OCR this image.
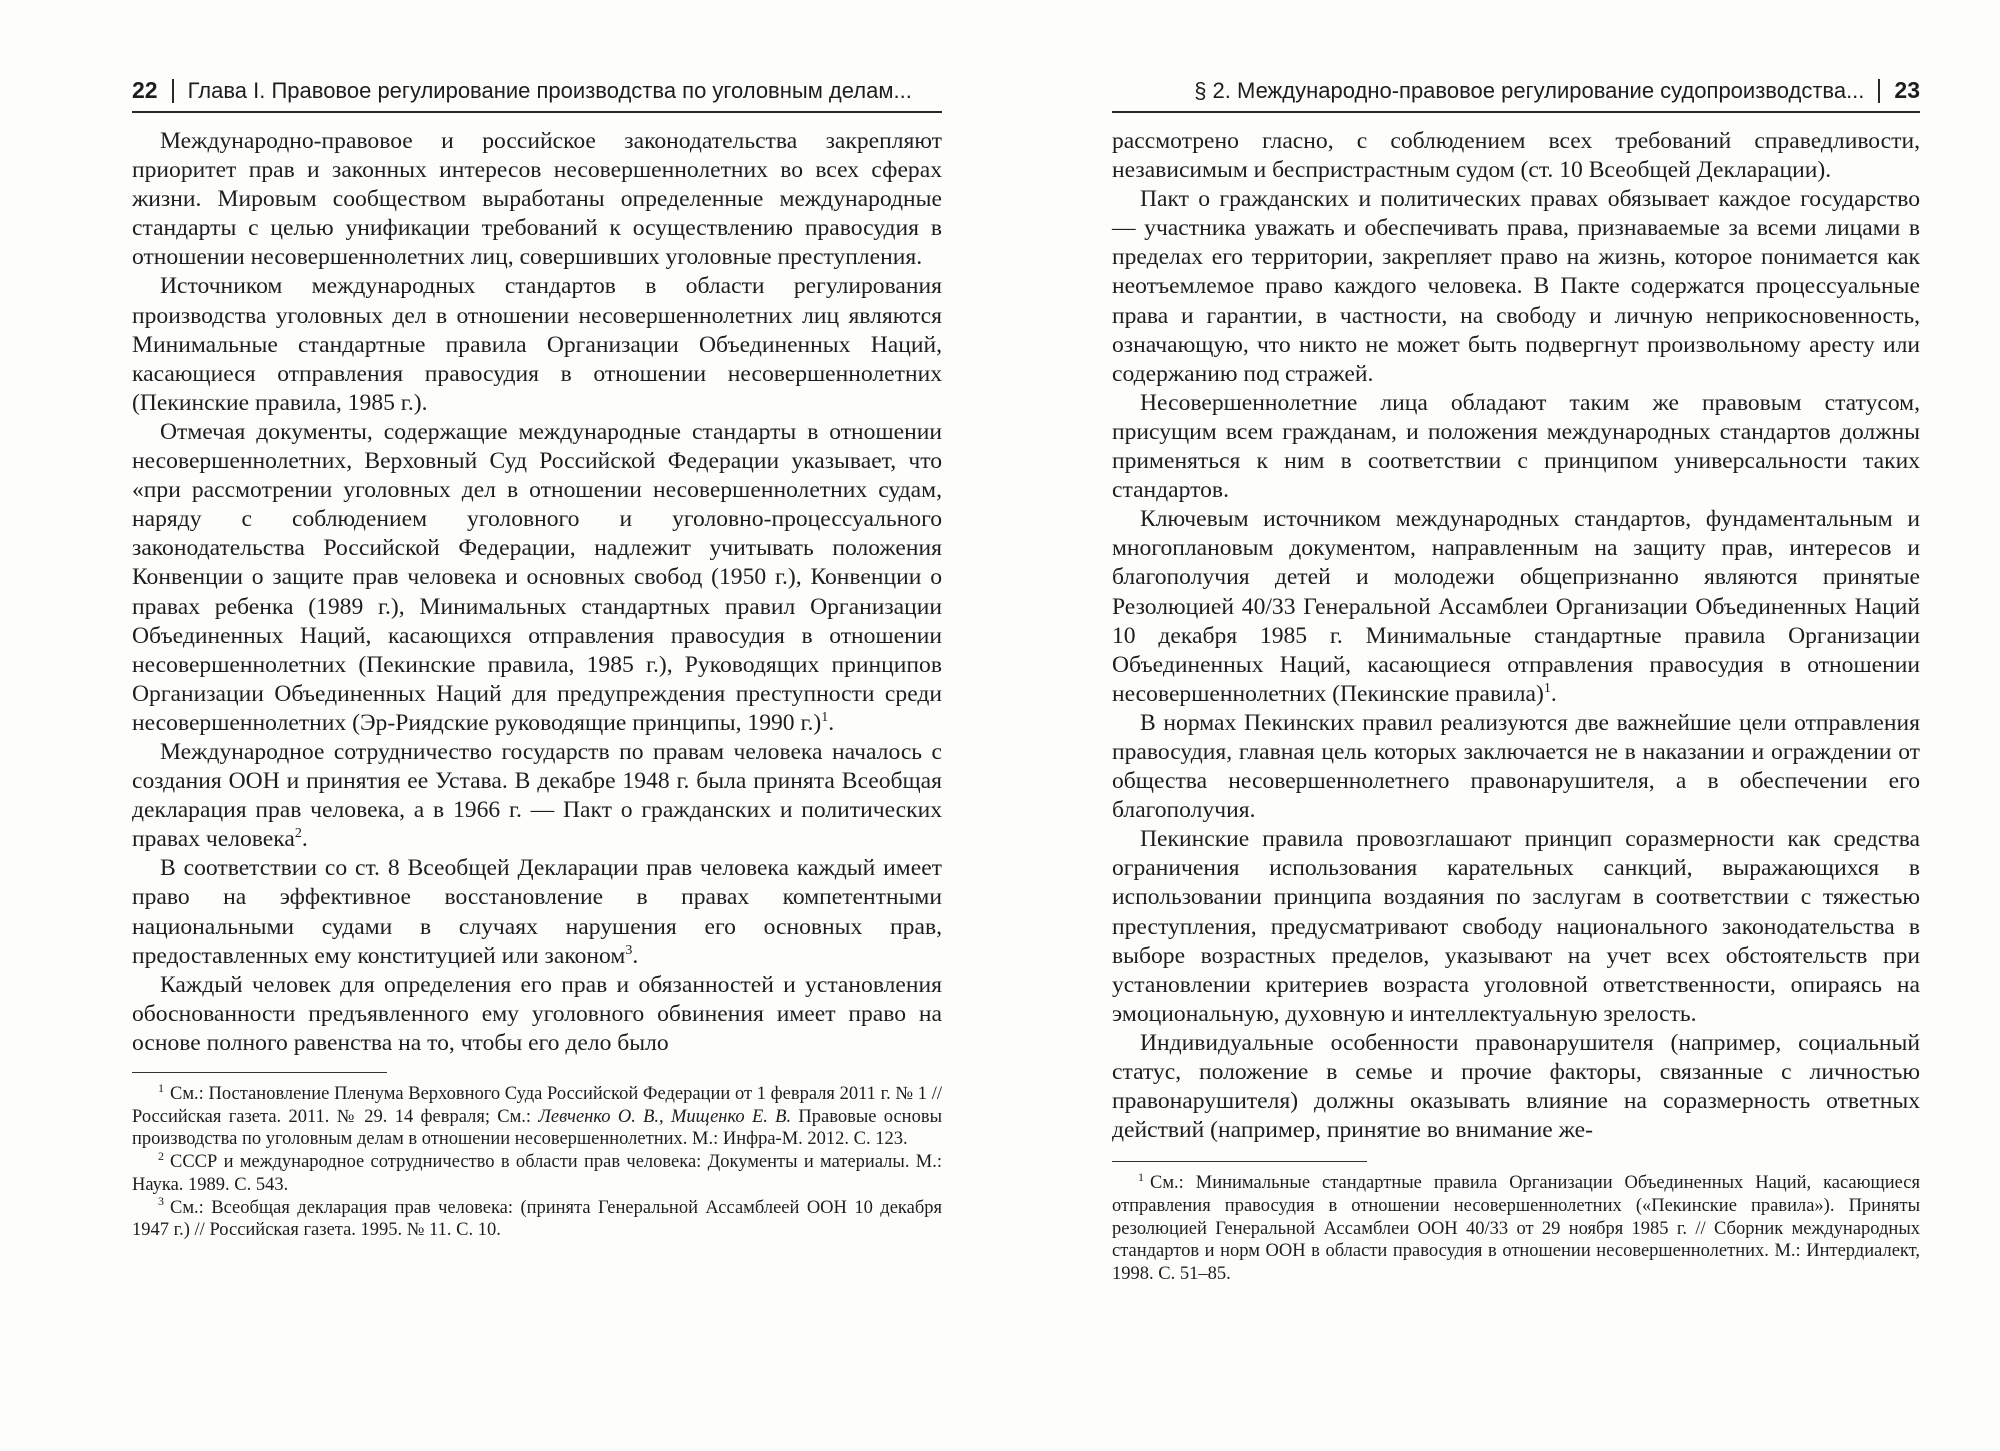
22 Глава I. Правовое регулирование производства по уголовным делам...

Международно-правовое и российское законодательства закрепляют приоритет прав и законных интересов несовершеннолетних во всех сферах жизни. Мировым сообществом выработаны определенные международные стандарты с целью унификации требований к осуществлению правосудия в отношении несовершеннолетних лиц, совершивших уголовные преступления.

Источником международных стандартов в области регулирования производства уголовных дел в отношении несовершеннолетних лиц являются Минимальные стандартные правила Организации Объединенных Наций, касающиеся отправления правосудия в отношении несовершеннолетних (Пекинские правила, 1985 г.).

Отмечая документы, содержащие международные стандарты в отношении несовершеннолетних, Верховный Суд Российской Федерации указывает, что «при рассмотрении уголовных дел в отношении несовершеннолетних судам, наряду с соблюдением уголовного и уголовно-процессуального законодательства Российской Федерации, надлежит учитывать положения Конвенции о защите прав человека и основных свобод (1950 г.), Конвенции о правах ребенка (1989 г.), Минимальных стандартных правил Организации Объединенных Наций, касающихся отправления правосудия в отношении несовершеннолетних (Пекинские правила, 1985 г.), Руководящих принципов Организации Объединенных Наций для предупреждения преступности среди несовершеннолетних (Эр-Риядские руководящие принципы, 1990 г.)$^1$.

Международное сотрудничество государств по правам человека началось с создания ООН и принятия ее Устава. В декабре 1948 г. была принята Всеобщая декларация прав человека, а в 1966 г. — Пакт о гражданских и политических правах человека$^2$.

В соответствии со ст. 8 Всеобщей Декларации прав человека каждый имеет право на эффективное восстановление в правах компетентными национальными судами в случаях нарушения его основных прав, предоставленных ему конституцией или законом$^3$.

Каждый человек для определения его прав и обязанностей и установления обоснованности предъявленного ему уголовного обвинения имеет право на основе полного равенства на то, чтобы его дело было

$^1$ См.: Постановление Пленума Верховного Суда Российской Федерации от 1 февраля 2011 г. № 1 // Российская газета. 2011. № 29. 14 февраля; См.: Левченко О. В., Мищенко Е. В. Правовые основы производства по уголовным делам в отношении несовершеннолетних. М.: Инфра-М. 2012. С. 123.

$^2$ СССР и международное сотрудничество в области прав человека: Документы и материалы. М.: Наука. 1989. С. 543.

$^3$ См.: Всеобщая декларация прав человека: (принята Генеральной Ассамблеей ООН 10 декабря 1947 г.) // Российская газета. 1995. № 11. С. 10.

§ 2. Международно-правовое регулирование судопроизводства... 23

рассмотрено гласно, с соблюдением всех требований справедливости, независимым и беспристрастным судом (ст. 10 Всеобщей Декларации).

Пакт о гражданских и политических правах обязывает каждое государство — участника уважать и обеспечивать права, признаваемые за всеми лицами в пределах его территории, закрепляет право на жизнь, которое понимается как неотъемлемое право каждого человека. В Пакте содержатся процессуальные права и гарантии, в частности, на свободу и личную неприкосновенность, означающую, что никто не может быть подвергнут произвольному аресту или содержанию под стражей.

Несовершеннолетние лица обладают таким же правовым статусом, присущим всем гражданам, и положения международных стандартов должны применяться к ним в соответствии с принципом универсальности таких стандартов.

Ключевым источником международных стандартов, фундаментальным и многоплановым документом, направленным на защиту прав, интересов и благополучия детей и молодежи общепризнанно являются принятые Резолюцией 40/33 Генеральной Ассамблеи Организации Объединенных Наций 10 декабря 1985 г. Минимальные стандартные правила Организации Объединенных Наций, касающиеся отправления правосудия в отношении несовершеннолетних (Пекинские правила)$^1$.

В нормах Пекинских правил реализуются две важнейшие цели отправления правосудия, главная цель которых заключается не в наказании и ограждении от общества несовершеннолетнего правонарушителя, а в обеспечении его благополучия.

Пекинские правила провозглашают принцип соразмерности как средства ограничения использования карательных санкций, выражающихся в использовании принципа воздаяния по заслугам в соответствии с тяжестью преступления, предусматривают свободу национального законодательства в выборе возрастных пределов, указывают на учет всех обстоятельств при установлении критериев возраста уголовной ответственности, опираясь на эмоциональную, духовную и интеллектуальную зрелость.

Индивидуальные особенности правонарушителя (например, социальный статус, положение в семье и прочие факторы, связанные с личностью правонарушителя) должны оказывать влияние на соразмерность ответных действий (например, принятие во внимание же-

$^1$ См.: Минимальные стандартные правила Организации Объединенных Наций, касающиеся отправления правосудия в отношении несовершеннолетних («Пекинские правила»). Приняты резолюцией Генеральной Ассамблеи ООН 40/33 от 29 ноября 1985 г. // Сборник международных стандартов и норм ООН в области правосудия в отношении несовершеннолетних. М.: Интердиалект, 1998. С. 51–85.
